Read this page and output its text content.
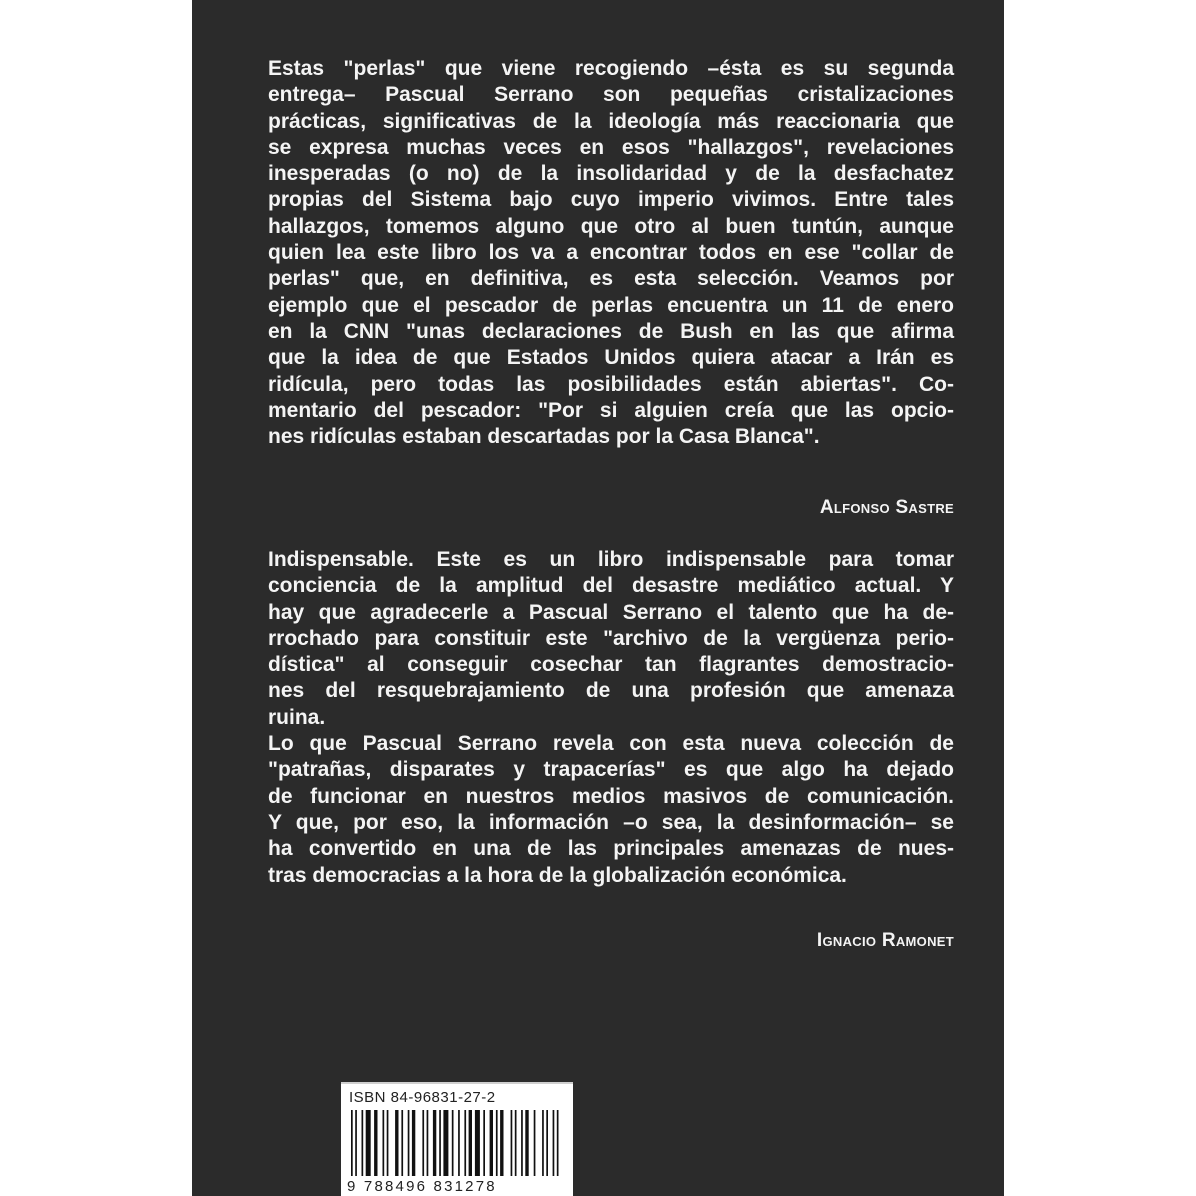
Estas "perlas" que viene recogiendo –ésta es su segunda
entrega– Pascual Serrano son pequeñas cristalizaciones
prácticas, significativas de la ideología más reaccionaria que
se expresa muchas veces en esos "hallazgos", revelaciones
inesperadas (o no) de la insolidaridad y de la desfachatez
propias del Sistema bajo cuyo imperio vivimos. Entre tales
hallazgos, tomemos alguno que otro al buen tuntún, aunque
quien lea este libro los va a encontrar todos en ese "collar de
perlas" que, en definitiva, es esta selección. Veamos por
ejemplo que el pescador de perlas encuentra un 11 de enero
en la CNN "unas declaraciones de Bush en las que afirma
que la idea de que Estados Unidos quiera atacar a Irán es
ridícula, pero todas las posibilidades están abiertas". Co-
mentario del pescador: "Por si alguien creía que las opcio-
nes ridículas estaban descartadas por la Casa Blanca".
Alfonso Sastre
Indispensable. Este es un libro indispensable para tomar
conciencia de la amplitud del desastre mediático actual. Y
hay que agradecerle a Pascual Serrano el talento que ha de-
rrochado para constituir este "archivo de la vergüenza perio-
dística" al conseguir cosechar tan flagrantes demostracio-
nes del resquebrajamiento de una profesión que amenaza
ruina.
Lo que Pascual Serrano revela con esta nueva colección de
"patrañas, disparates y trapacerías" es que algo ha dejado
de funcionar en nuestros medios masivos de comunicación.
Y que, por eso, la información –o sea, la desinformación– se
ha convertido en una de las principales amenazas de nues-
tras democracias a la hora de la globalización económica.
Ignacio Ramonet
ISBN 84-96831-27-2
9 788496 831278
